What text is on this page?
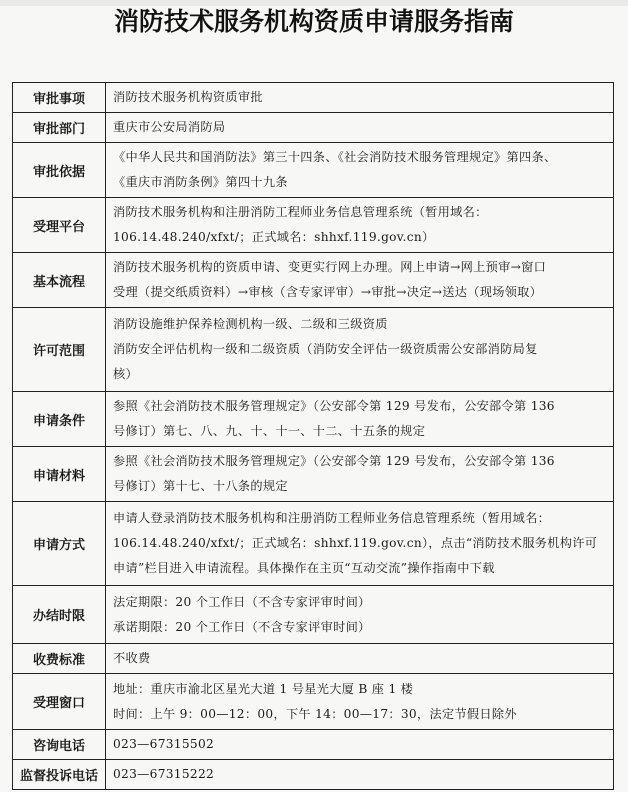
消防技术服务机构资质申请服务指南
审批事项	消防技术服务机构资质审批

审批部门	重庆市公安局消防局

审批依据	《中华人民共和国消防法》第三十四条、《社会消防技术服务管理规定》第四条、
《重庆市消防条例》第四十九条

受理平台	消防技术服务机构和注册消防工程师业务信息管理系统（暂用域名：
106.14.48.240/xfxt/；正式域名：shhxf.119.gov.cn）

基本流程	消防技术服务机构的资质申请、变更实行网上办理。网上申请→网上预审→窗口
受理（提交纸质资料）→审核（含专家评审）→审批→决定→送达（现场领取）

许可范围	消防设施维护保养检测机构一级、二级和三级资质
消防安全评估机构一级和二级资质（消防安全评估一级资质需公安部消防局复
核）

申请条件	参照《社会消防技术服务管理规定》（公安部令第 129 号发布，公安部令第 136
号修订）第七、八、九、十、十一、十二、十五条的规定

申请材料	参照《社会消防技术服务管理规定》（公安部令第 129 号发布，公安部令第 136
号修订）第十七、十八条的规定

申请方式	申请人登录消防技术服务机构和注册消防工程师业务信息管理系统（暂用域名：
106.14.48.240/xfxt/；正式域名：shhxf.119.gov.cn），点击“消防技术服务机构许可
申请”栏目进入申请流程。具体操作在主页“互动交流”操作指南中下载

办结时限	法定期限：20 个工作日（不含专家评审时间）
承诺期限：20 个工作日（不含专家评审时间）

收费标准	不收费

受理窗口	地址：重庆市渝北区星光大道 1 号星光大厦 B 座 1 楼
时间：上午 9：00—12：00，下午 14：00—17：30，法定节假日除外

咨询电话	023—67315502

监督投诉电话	023—67315222
